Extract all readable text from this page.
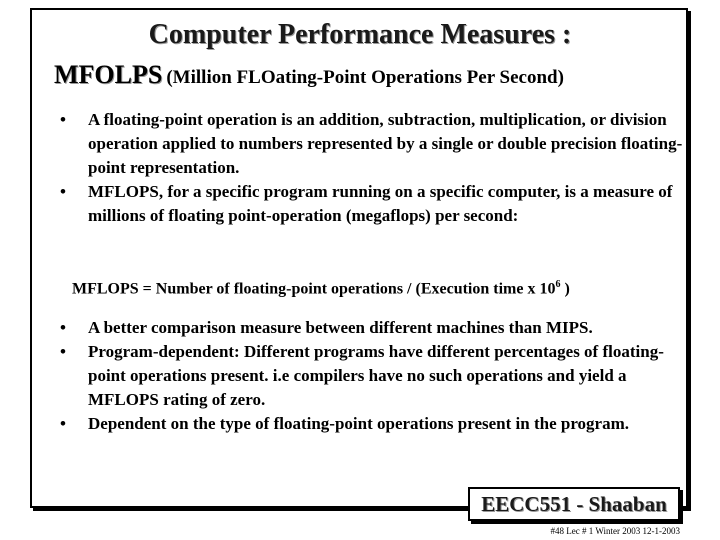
Computer Performance Measures :
MFOLPS (Million FLOating-Point Operations Per Second)
• A floating-point operation is an addition, subtraction, multiplication, or division operation applied to numbers represented by a single or double precision floating-point representation.
• MFLOPS, for a specific program running on a specific computer, is a measure of millions of floating point-operation (megaflops) per second:
MFLOPS = Number of floating-point operations / (Execution time x $10^6$ )
• A better comparison measure between different machines than MIPS.
• Program-dependent: Different programs have different percentages of floating-point operations present. i.e compilers have no such operations and yield a MFLOPS rating of zero.
• Dependent on the type of floating-point operations present in the program.
EECC551 - Shaaban
#48 Lec # 1 Winter 2003 12-1-2003
